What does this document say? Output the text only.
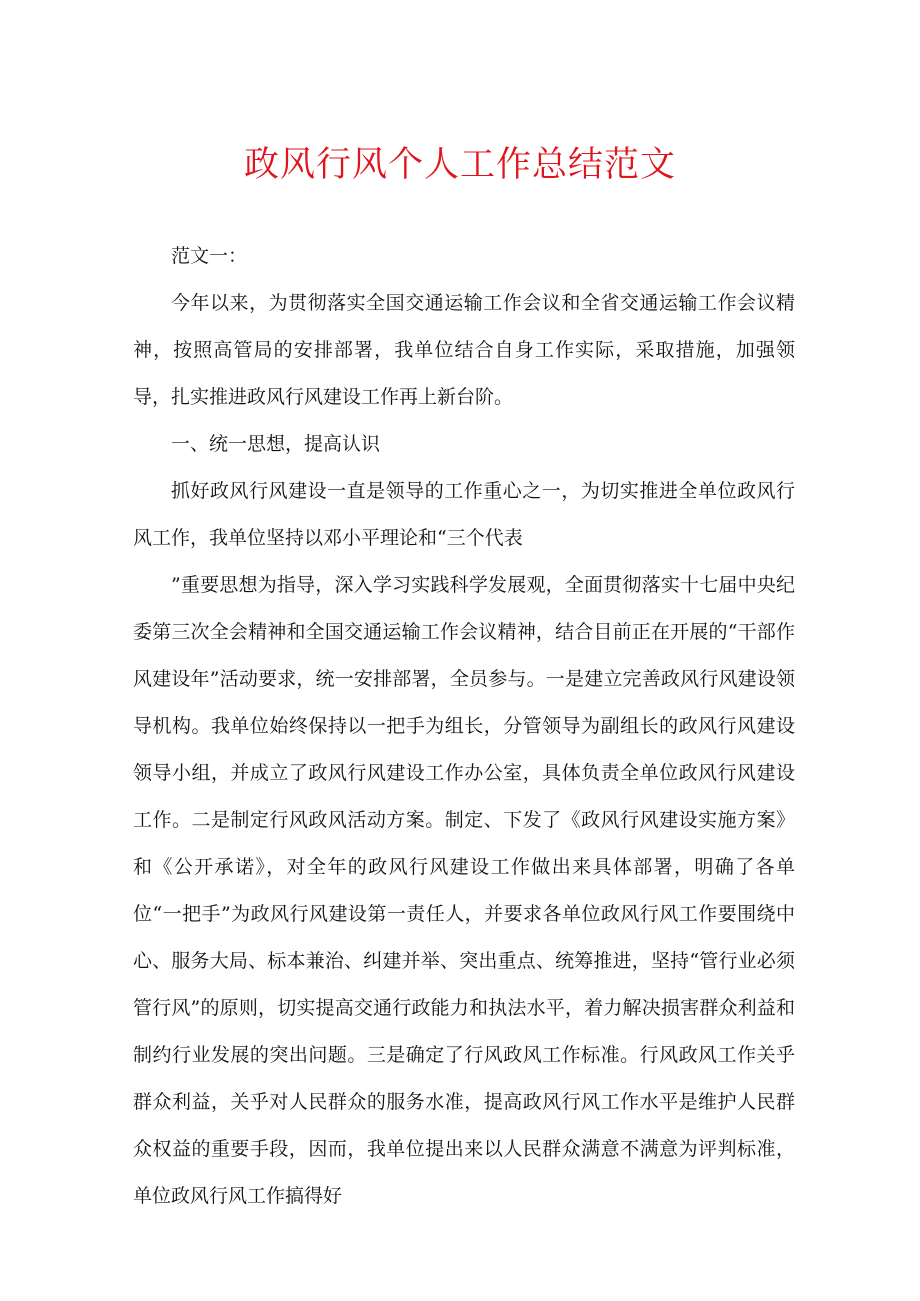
政风行风个人工作总结范文

范文一：

今年以来，为贯彻落实全国交通运输工作会议和全省交通运输工作会议精神，按照高管局的安排部署，我单位结合自身工作实际，采取措施，加强领导，扎实推进政风行风建设工作再上新台阶。

一、统一思想，提高认识

抓好政风行风建设一直是领导的工作重心之一，为切实推进全单位政风行风工作，我单位坚持以邓小平理论和“三个代表

”重要思想为指导，深入学习实践科学发展观，全面贯彻落实十七届中央纪委第三次全会精神和全国交通运输工作会议精神，结合目前正在开展的“干部作风建设年”活动要求，统一安排部署，全员参与。一是建立完善政风行风建设领导机构。我单位始终保持以一把手为组长，分管领导为副组长的政风行风建设领导小组，并成立了政风行风建设工作办公室，具体负责全单位政风行风建设工作。二是制定行风政风活动方案。制定、下发了《政风行风建设实施方案》和《公开承诺》，对全年的政风行风建设工作做出来具体部署，明确了各单位“一把手”为政风行风建设第一责任人，并要求各单位政风行风工作要围绕中心、服务大局、标本兼治、纠建并举、突出重点、统筹推进，坚持“管行业必须管行风”的原则，切实提高交通行政能力和执法水平，着力解决损害群众利益和制约行业发展的突出问题。三是确定了行风政风工作标准。行风政风工作关乎群众利益，关乎对人民群众的服务水准，提高政风行风工作水平是维护人民群众权益的重要手段，因而，我单位提出来以人民群众满意不满意为评判标准，单位政风行风工作搞得好
